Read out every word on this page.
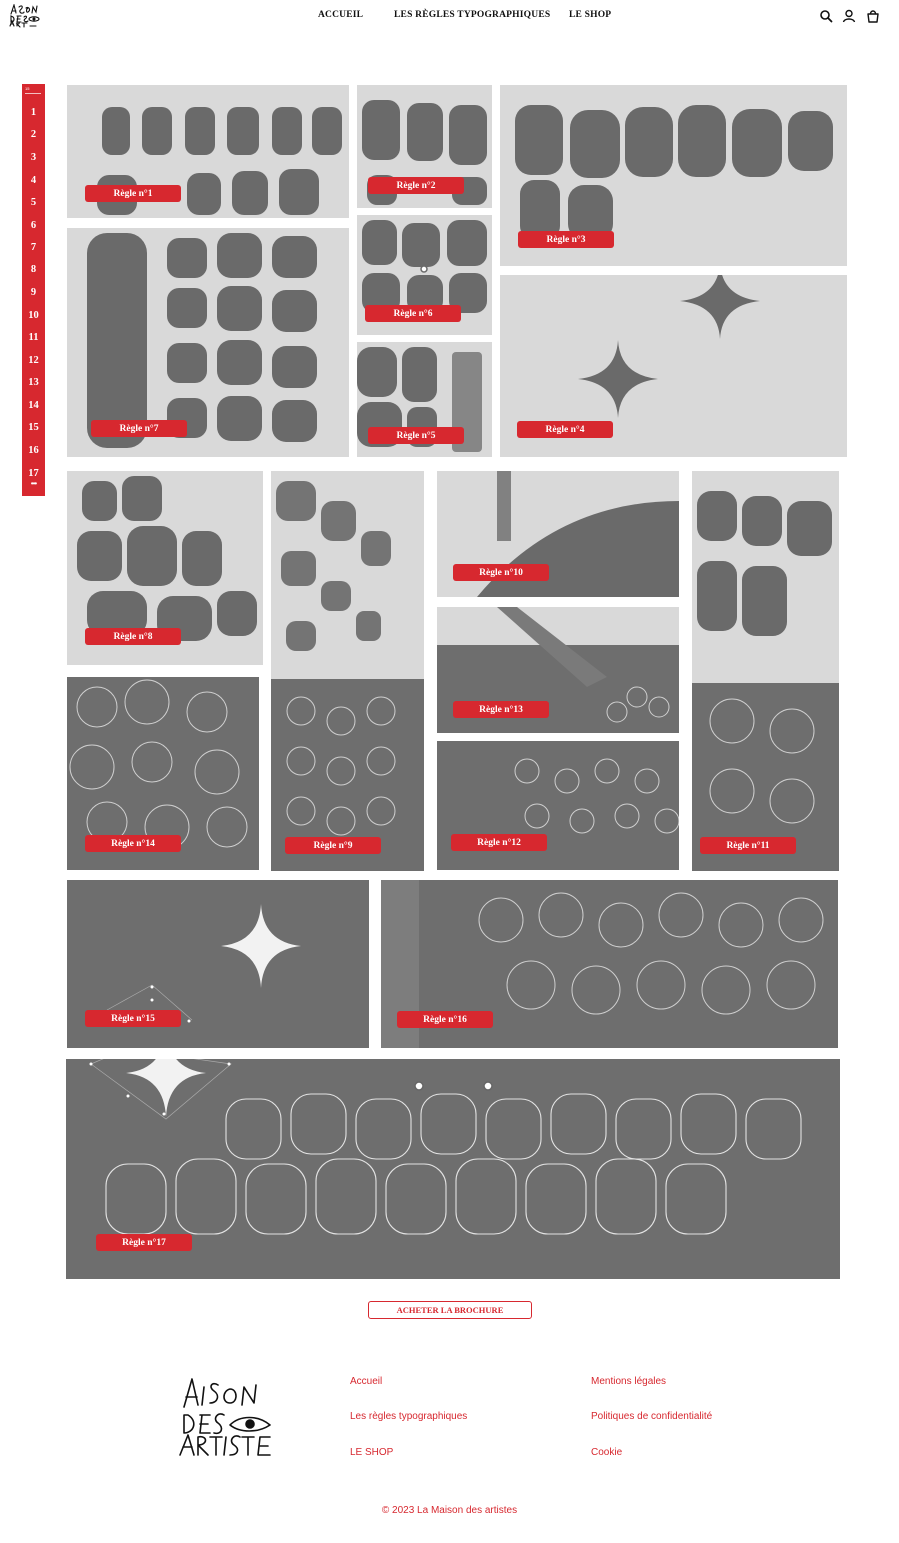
ACCUEIL	LES RÈGLES TYPOGRAPHIQUES LE SHOP
15
1
2
3
4
5
6
7
8
9
10
11
12
13
14
15
16
17
•••
Règle n°1
Règle n°2
Règle n°3
Règle n°7
Règle n°6
Règle n°5
Règle n°4
Règle n°8
Règle n°9
Règle n°10
Règle n°13
Règle n°12	Règle n°11
Règle n°14
Règle n°15	Règle n°16
Règle n°17
ACHETER LA BROCHURE
Accueil
Les règles typographiques
LE SHOP
Mentions légales
Politiques de confidentialité
Cookie
© 2023 La Maison des artistes
